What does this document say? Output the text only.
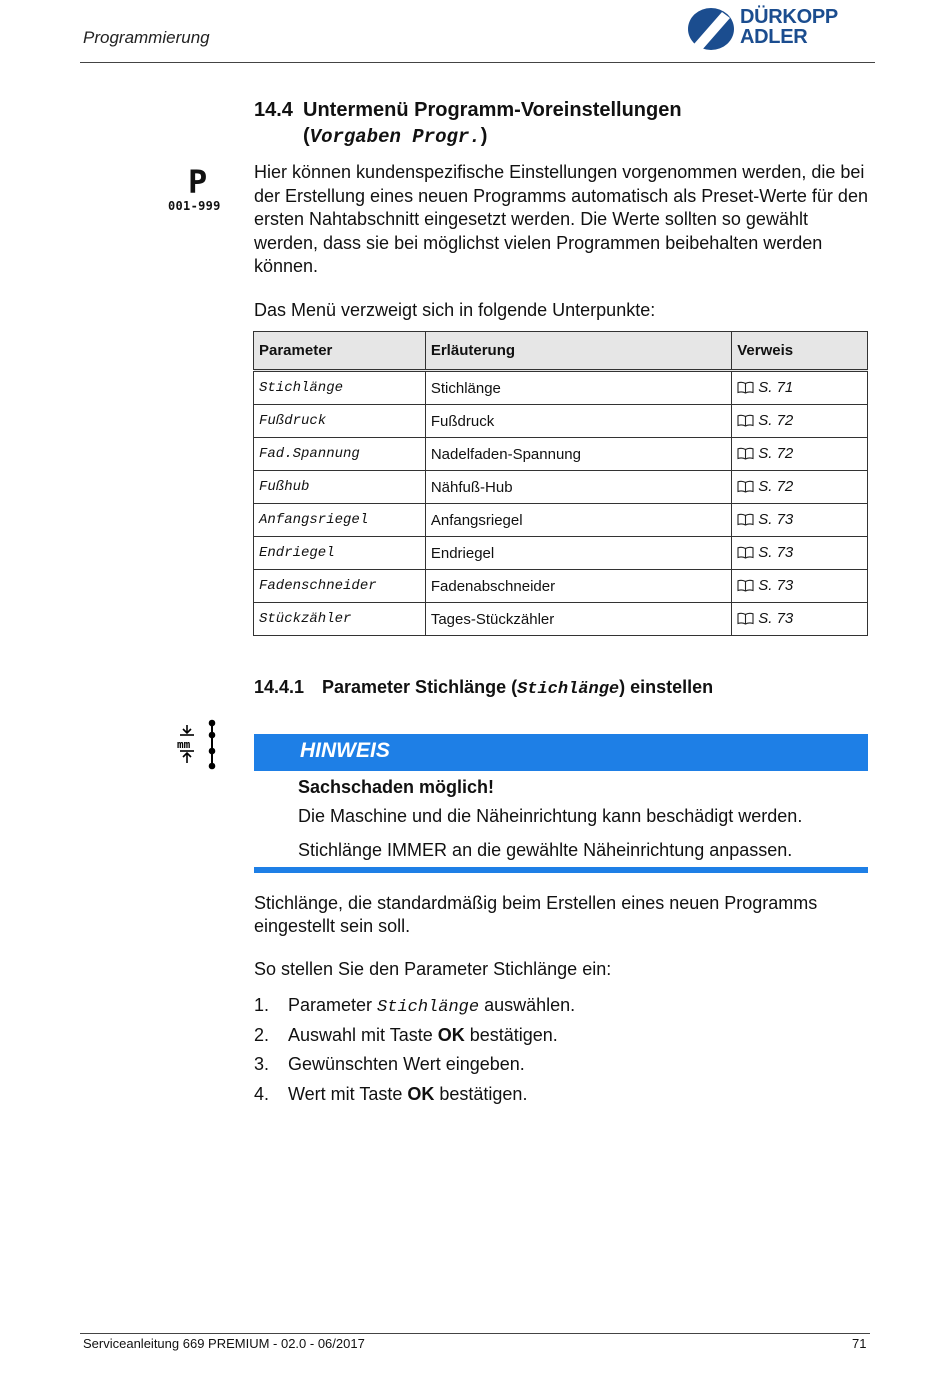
Programmierung
DÜRKOPP
ADLER
14.4 Untermenü Programm-Voreinstellungen
(Vorgaben Progr.)
P
001-999
Hier können kundenspezifische Einstellungen vorgenommen werden, die bei der Erstellung eines neuen Programms automatisch als Preset-Werte für den ersten Nahtabschnitt eingesetzt werden. Die Werte sollten so gewählt werden, dass sie bei möglichst vielen Programmen beibehalten werden können.
Das Menü verzweigt sich in folgende Unterpunkte:
Parameter	Erläuterung	Verweis
Stichlänge	Stichlänge	S. 71
Fußdruck	Fußdruck	S. 72
Fad.Spannung	Nadelfaden-Spannung	S. 72
Fußhub	Nähfuß-Hub	S. 72
Anfangsriegel	Anfangsriegel	S. 73
Endriegel	Endriegel	S. 73
Fadenschneider	Fadenabschneider	S. 73
Stückzähler	Tages-Stückzähler	S. 73
14.4.1 Parameter Stichlänge (Stichlänge) einstellen
mm	HINWEIS
Sachschaden möglich!
Die Maschine und die Näheinrichtung kann beschädigt werden.
Stichlänge IMMER an die gewählte Näheinrichtung anpassen.
Stichlänge, die standardmäßig beim Erstellen eines neuen Programms eingestellt sein soll.
So stellen Sie den Parameter Stichlänge ein:
1. Parameter Stichlänge auswählen.
2. Auswahl mit Taste OK bestätigen.
3. Gewünschten Wert eingeben.
4. Wert mit Taste OK bestätigen.
Serviceanleitung 669 PREMIUM - 02.0 - 06/2017	71
